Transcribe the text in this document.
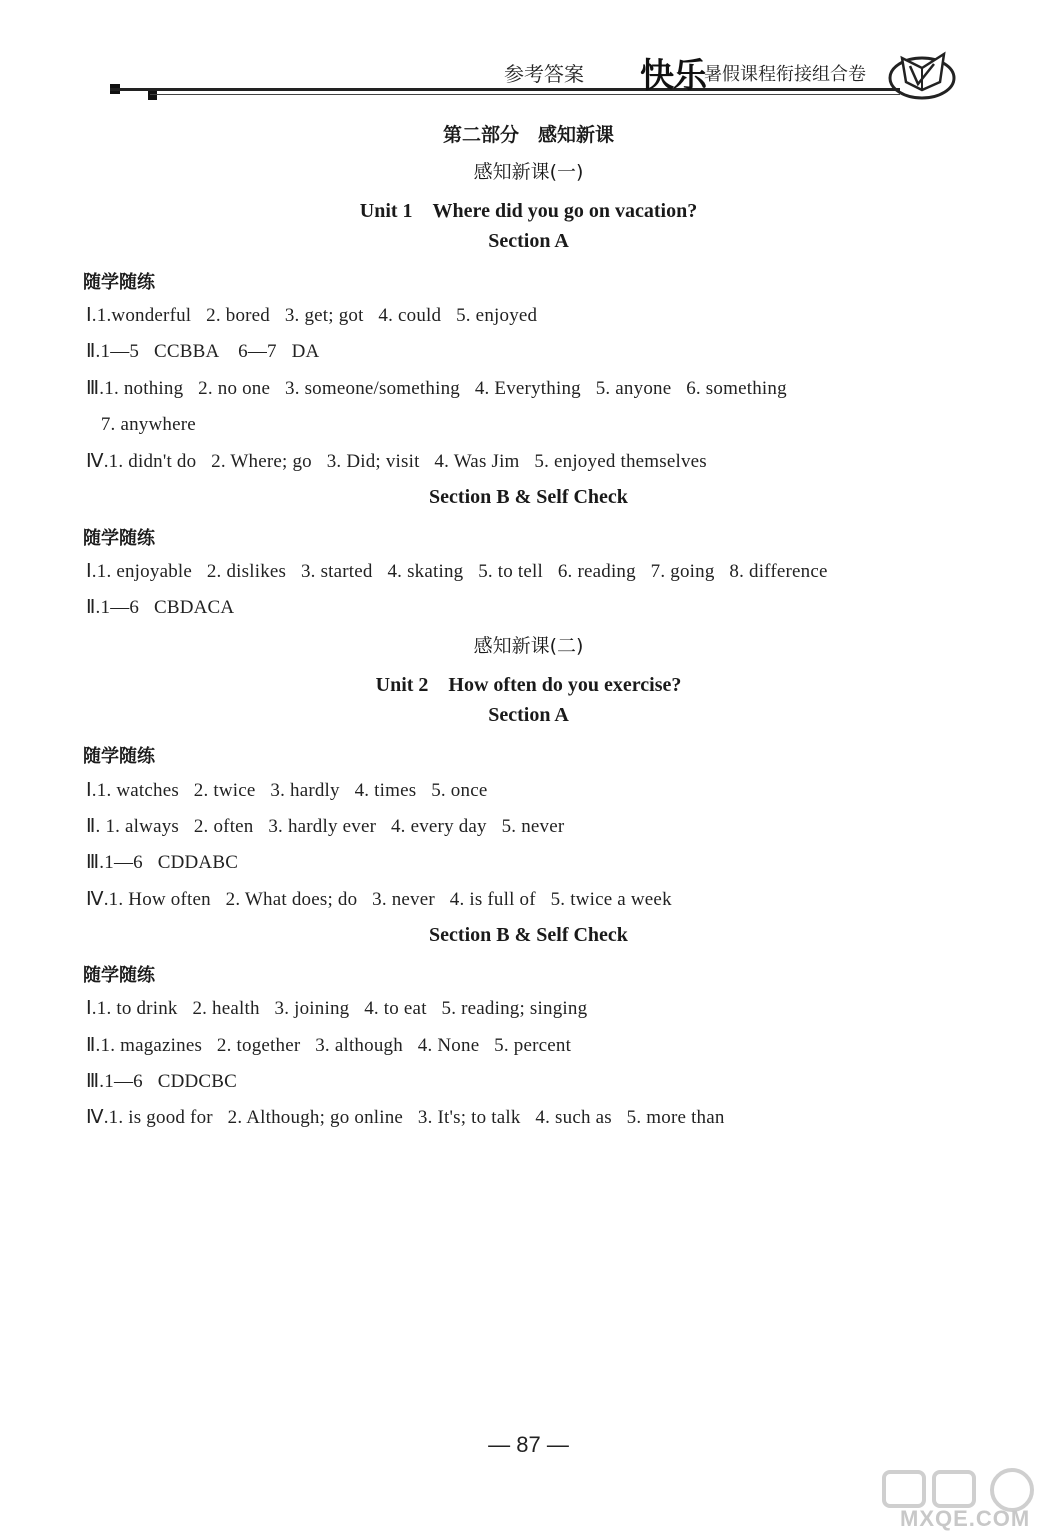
参考答案 快乐
暑假课程衔接组合卷
第二部分　感知新课
感知新课(一)
Unit 1　Where did you go on vacation?
Section A
随学随练
Ⅰ.1.wonderful   2. bored   3. get; got   4. could   5. enjoyed
Ⅱ.1—5   CCBBA    6—7   DA
Ⅲ.1. nothing   2. no one   3. someone/something   4. Everything   5. anyone   6. something
7. anywhere
Ⅳ.1. didn't do   2. Where; go   3. Did; visit   4. Was Jim   5. enjoyed themselves
Section B & Self Check
随学随练
Ⅰ.1. enjoyable   2. dislikes   3. started   4. skating   5. to tell   6. reading   7. going   8. difference
Ⅱ.1—6   CBDACA
感知新课(二)
Unit 2　How often do you exercise?
Section A
随学随练
Ⅰ.1. watches   2. twice   3. hardly   4. times   5. once
Ⅱ. 1. always   2. often   3. hardly ever   4. every day   5. never
Ⅲ.1—6   CDDABC
Ⅳ.1. How often   2. What does; do   3. never   4. is full of   5. twice a week
Section B & Self Check
随学随练
Ⅰ.1. to drink   2. health   3. joining   4. to eat   5. reading; singing
Ⅱ.1. magazines   2. together   3. although   4. None   5. percent
Ⅲ.1—6   CDDCBC
Ⅳ.1. is good for   2. Although; go online   3. It's; to talk   4. such as   5. more than
— 87 —
MXQE.COM
